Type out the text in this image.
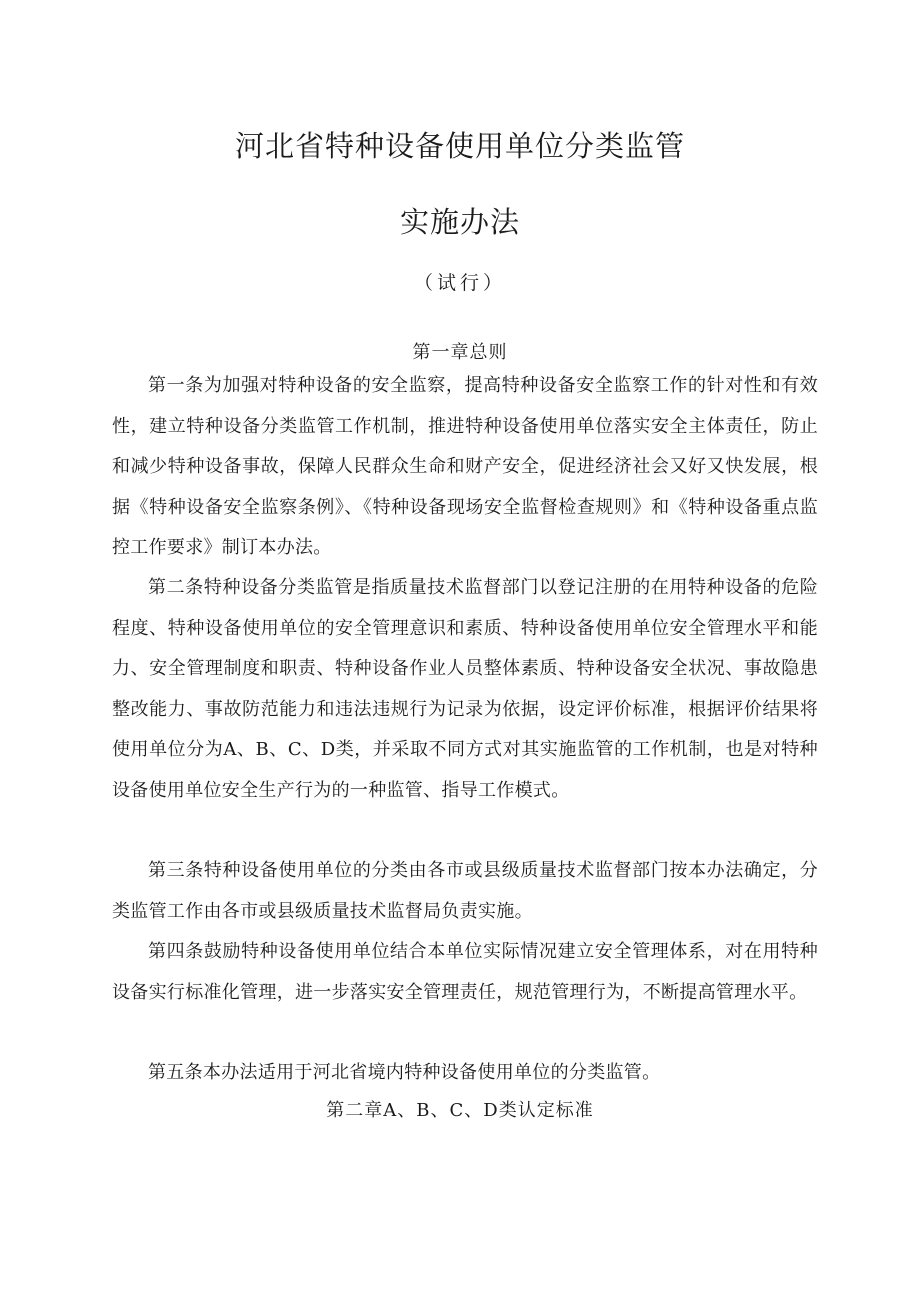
河北省特种设备使用单位分类监管
实施办法
（试行）
第一章总则

第一条为加强对特种设备的安全监察，提高特种设备安全监察工作的针对性和有效性，建立特种设备分类监管工作机制，推进特种设备使用单位落实安全主体责任，防止和减少特种设备事故，保障人民群众生命和财产安全，促进经济社会又好又快发展，根据《特种设备安全监察条例》、《特种设备现场安全监督检查规则》和《特种设备重点监控工作要求》制订本办法。

第二条特种设备分类监管是指质量技术监督部门以登记注册的在用特种设备的危险程度、特种设备使用单位的安全管理意识和素质、特种设备使用单位安全管理水平和能力、安全管理制度和职责、特种设备作业人员整体素质、特种设备安全状况、事故隐患整改能力、事故防范能力和违法违规行为记录为依据，设定评价标准，根据评价结果将使用单位分为A、B、C、D类，并采取不同方式对其实施监管的工作机制，也是对特种设备使用单位安全生产行为的一种监管、指导工作模式。

第三条特种设备使用单位的分类由各市或县级质量技术监督部门按本办法确定，分类监管工作由各市或县级质量技术监督局负责实施。

第四条鼓励特种设备使用单位结合本单位实际情况建立安全管理体系，对在用特种设备实行标准化管理，进一步落实安全管理责任，规范管理行为，不断提高管理水平。

第五条本办法适用于河北省境内特种设备使用单位的分类监管。

第二章A、B、C、D类认定标准
